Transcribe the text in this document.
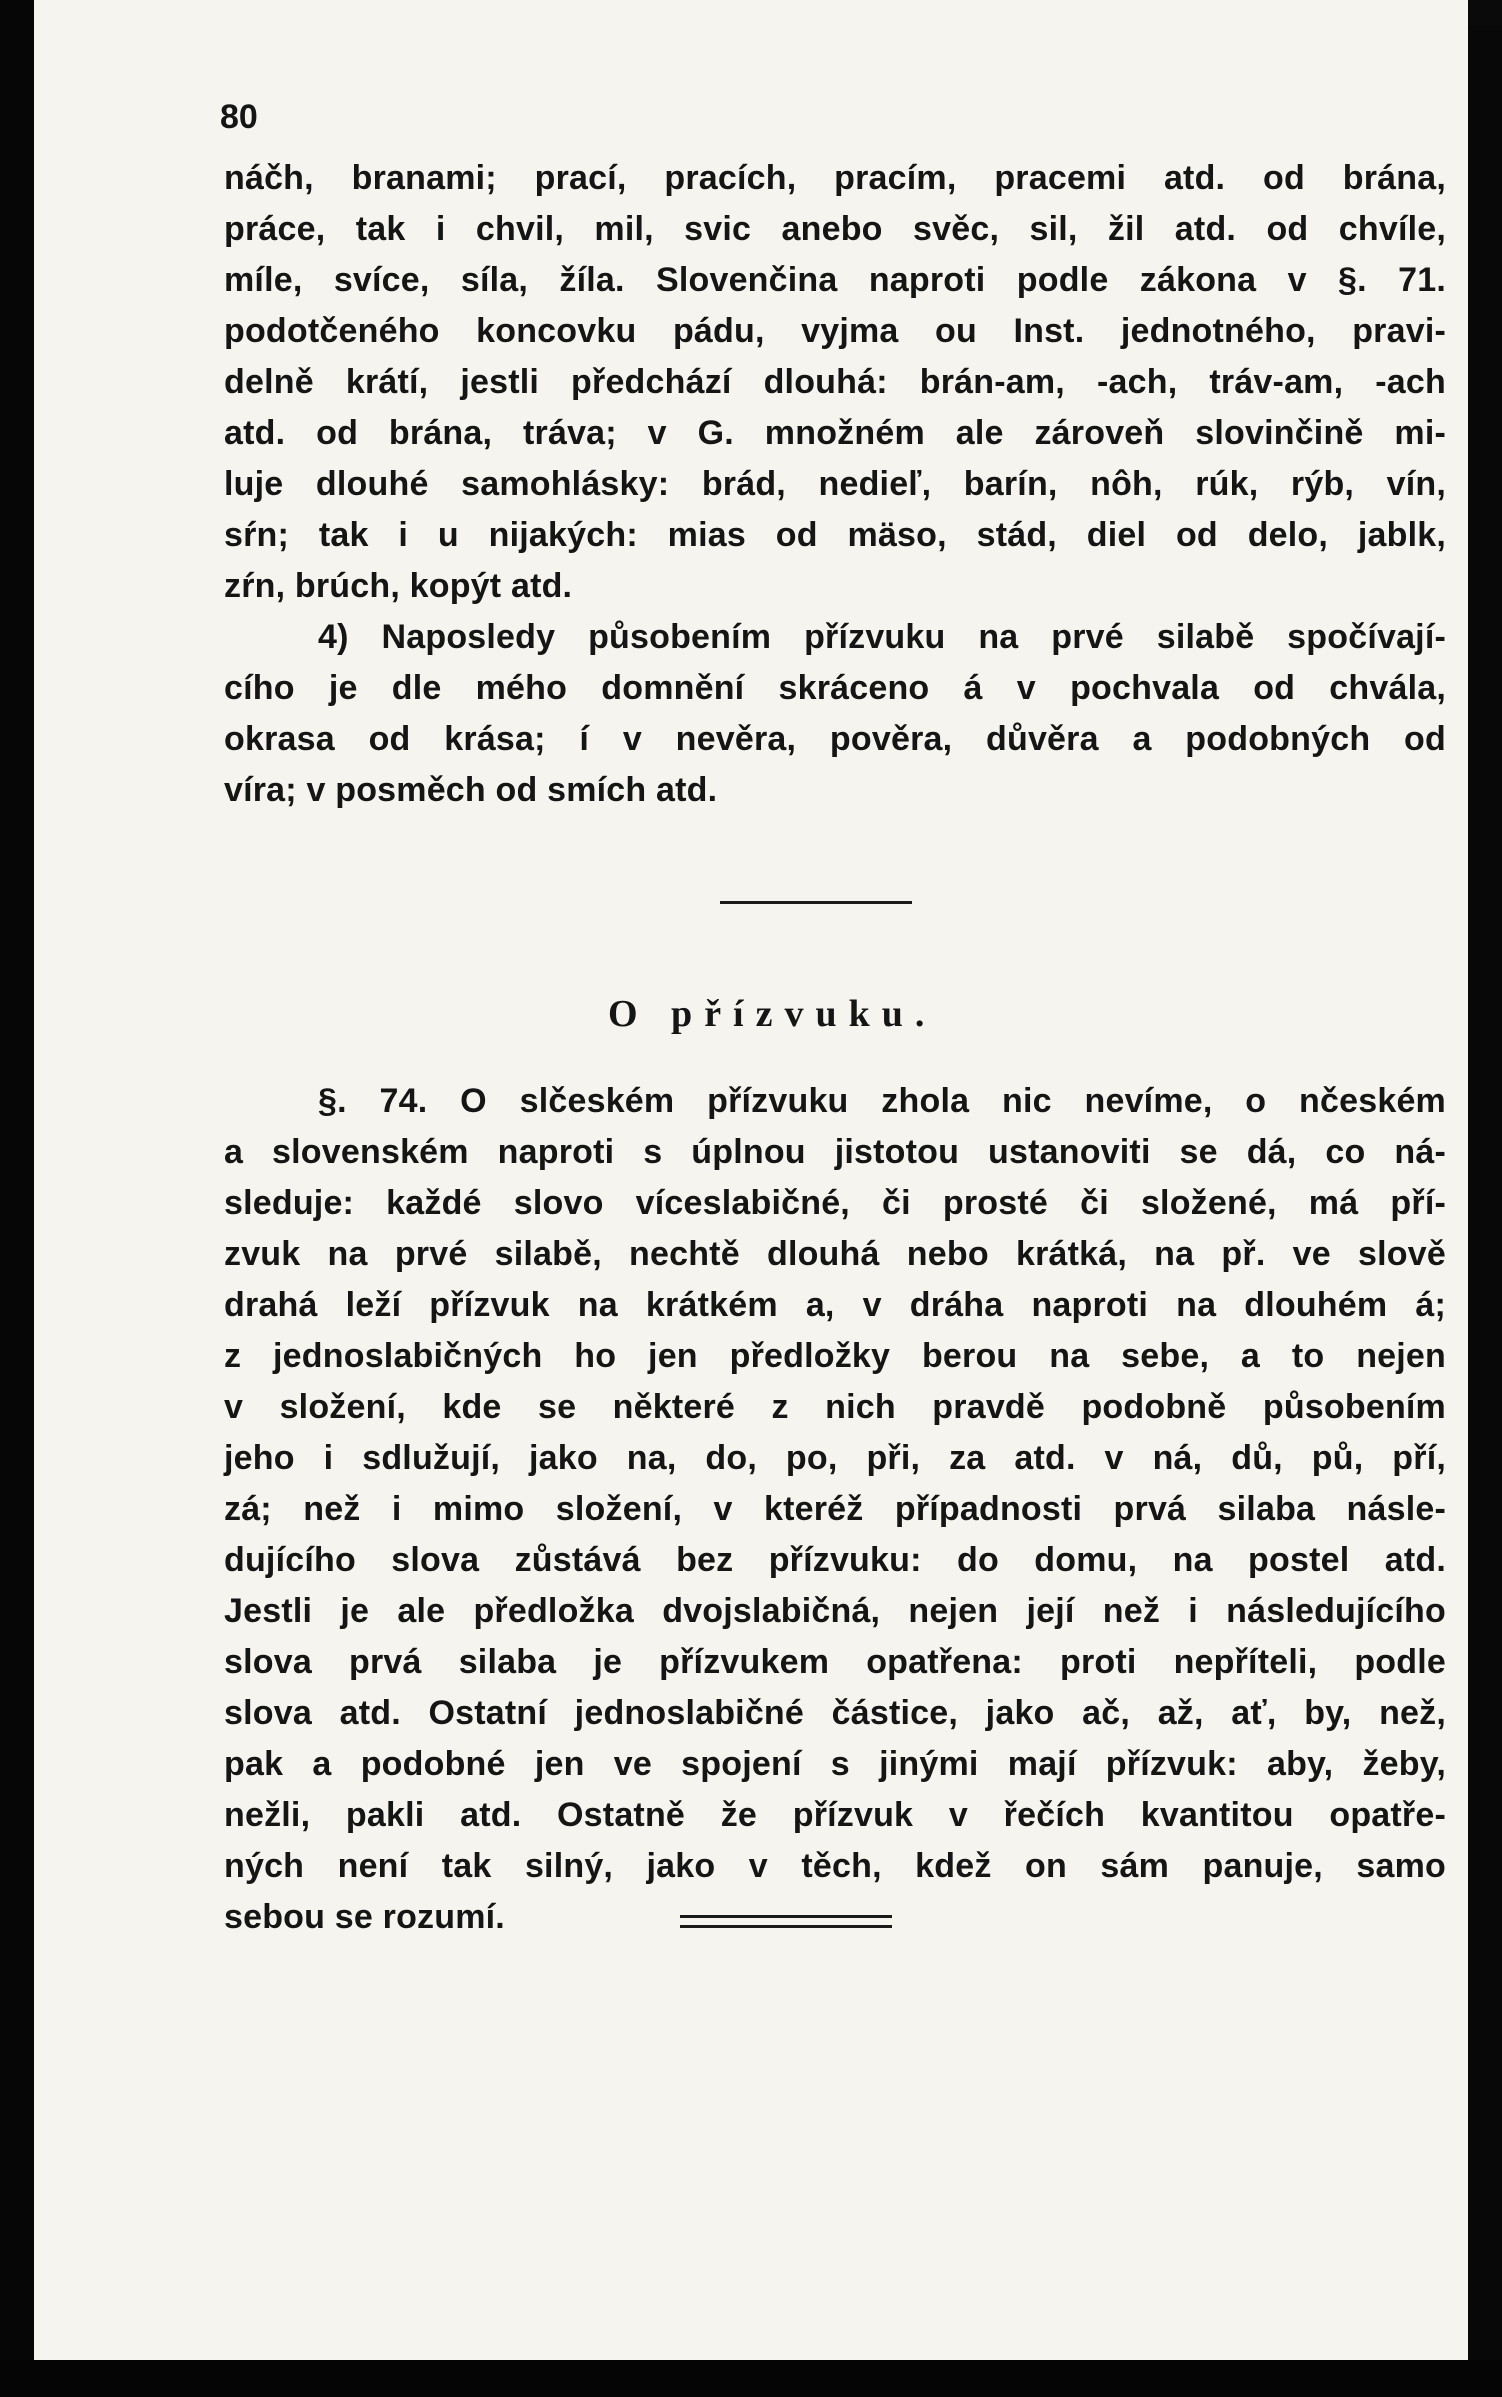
80
náčh, branami; prací, pracích, pracím, pracemi atd. od brána,
práce, tak i chvil, mil, svic anebo svěc, sil, žil atd. od chvíle,
míle, svíce, síla, žíla. Slovenčina naproti podle zákona v §. 71.
podotčeného koncovku pádu, vyjma ou Inst. jednotného, pravi-
delně krátí, jestli předchází dlouhá: brán-am, -ach, tráv-am, -ach
atd. od brána, tráva; v G. množném ale zároveň slovinčině mi-
luje dlouhé samohlásky: brád, nedieľ, barín, nôh, rúk, rýb, vín,
sŕn; tak i u nijakých: mias od mäso, stád, diel od delo, jablk,
zŕn, brúch, kopýt atd.
4) Naposledy působením přízvuku na prvé silabě spočívají-
cího je dle mého domnění skráceno á v pochvala od chvála,
okrasa od krása; í v nevěra, pověra, důvěra a podobných od
víra; v posměch od smích atd.
O přízvuku.
§. 74. O slčeském přízvuku zhola nic nevíme, o nčeském
a slovenském naproti s úplnou jistotou ustanoviti se dá, co ná-
sleduje: každé slovo víceslabičné, či prosté či složené, má pří-
zvuk na prvé silabě, nechtě dlouhá nebo krátká, na př. ve slově
drahá leží přízvuk na krátkém a, v dráha naproti na dlouhém á;
z jednoslabičných ho jen předložky berou na sebe, a to nejen
v složení, kde se některé z nich pravdě podobně působením
jeho i sdlužují, jako na, do, po, při, za atd. v ná, dů, pů, pří,
zá; než i mimo složení, v kteréž případnosti prvá silaba násle-
dujícího slova zůstává bez přízvuku: do domu, na postel atd.
Jestli je ale předložka dvojslabičná, nejen její než i následujícího
slova prvá silaba je přízvukem opatřena: proti nepříteli, podle
slova atd. Ostatní jednoslabičné částice, jako ač, až, ať, by, než,
pak a podobné jen ve spojení s jinými mají přízvuk: aby, žeby,
nežli, pakli atd. Ostatně že přízvuk v řečích kvantitou opatře-
ných není tak silný, jako v těch, kdež on sám panuje, samo
sebou se rozumí.
